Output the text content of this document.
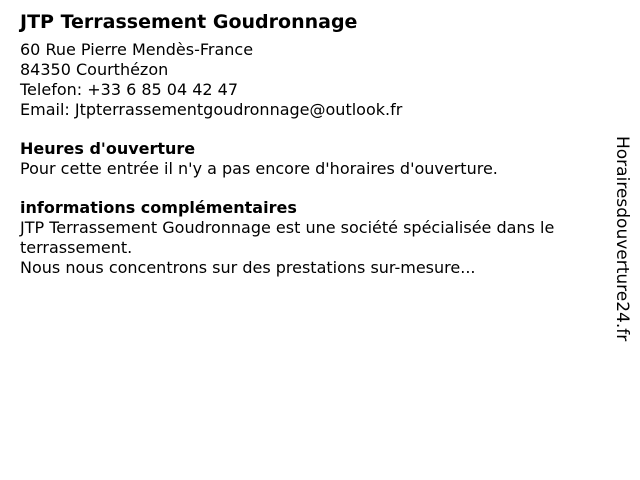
JTP Terrassement Goudronnage

60 Rue Pierre Mendès-France

84350 Courthézon

Telefon: +33 6 85 04 42 47

Email: Jtpterrassementgoudronnage@outlook.fr

Heures d'ouverture

Pour cette entrée il n'y a pas encore d'horaires d'ouverture.

informations complémentaires

JTP Terrassement Goudronnage est une société spécialisée dans le terrassement.

Nous nous concentrons sur des prestations sur-mesure...	Horairesdouverture24.fr
